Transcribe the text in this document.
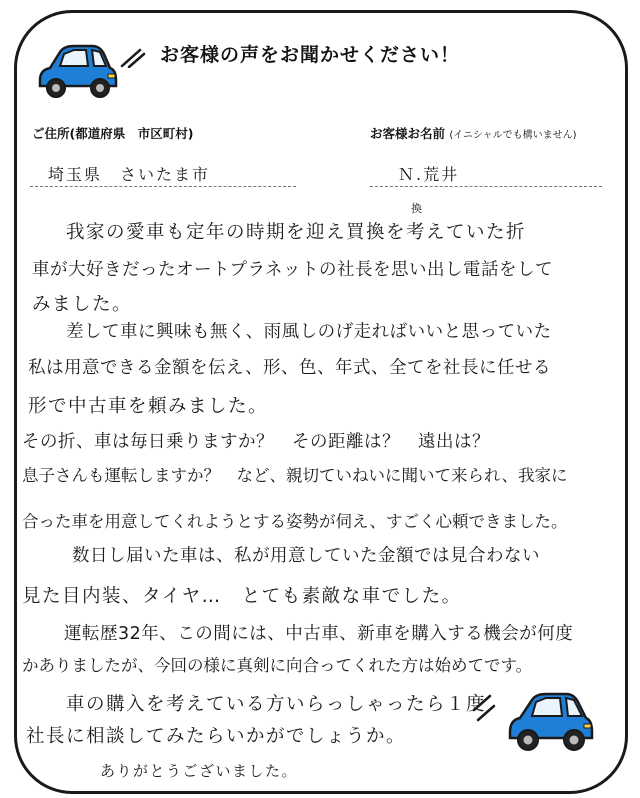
お客様の声をお聞かせください！
ご住所(都道府県　市区町村)	お客様お名前 (イニシャルでも構いません)
埼玉県　さいたま市	Ｎ.荒井
換
我家の愛車も定年の時期を迎え買換を考えていた折
車が大好きだったオートプラネットの社長を思い出し電話をして
みました。
差して車に興味も無く、雨風しのげ走ればいいと思っていた
私は用意できる金額を伝え、形、色、年式、全てを社長に任せる
形で中古車を頼みました。
その折、車は毎日乗りますか？　その距離は？　遠出は？
息子さんも運転しますか？　など、親切ていねいに聞いて来られ、我家に
合った車を用意してくれようとする姿勢が伺え、すごく心頼できました。
数日し届いた車は、私が用意していた金額では見合わない
見た目内装、タイヤ…　とても素敵な車でした。
運転歴32年、この間には、中古車、新車を購入する機会が何度
かありましたが、今回の様に真剣に向合ってくれた方は始めてです。
車の購入を考えている方いらっしゃったら１度
社長に相談してみたらいかがでしょうか。
ありがとうございました。
